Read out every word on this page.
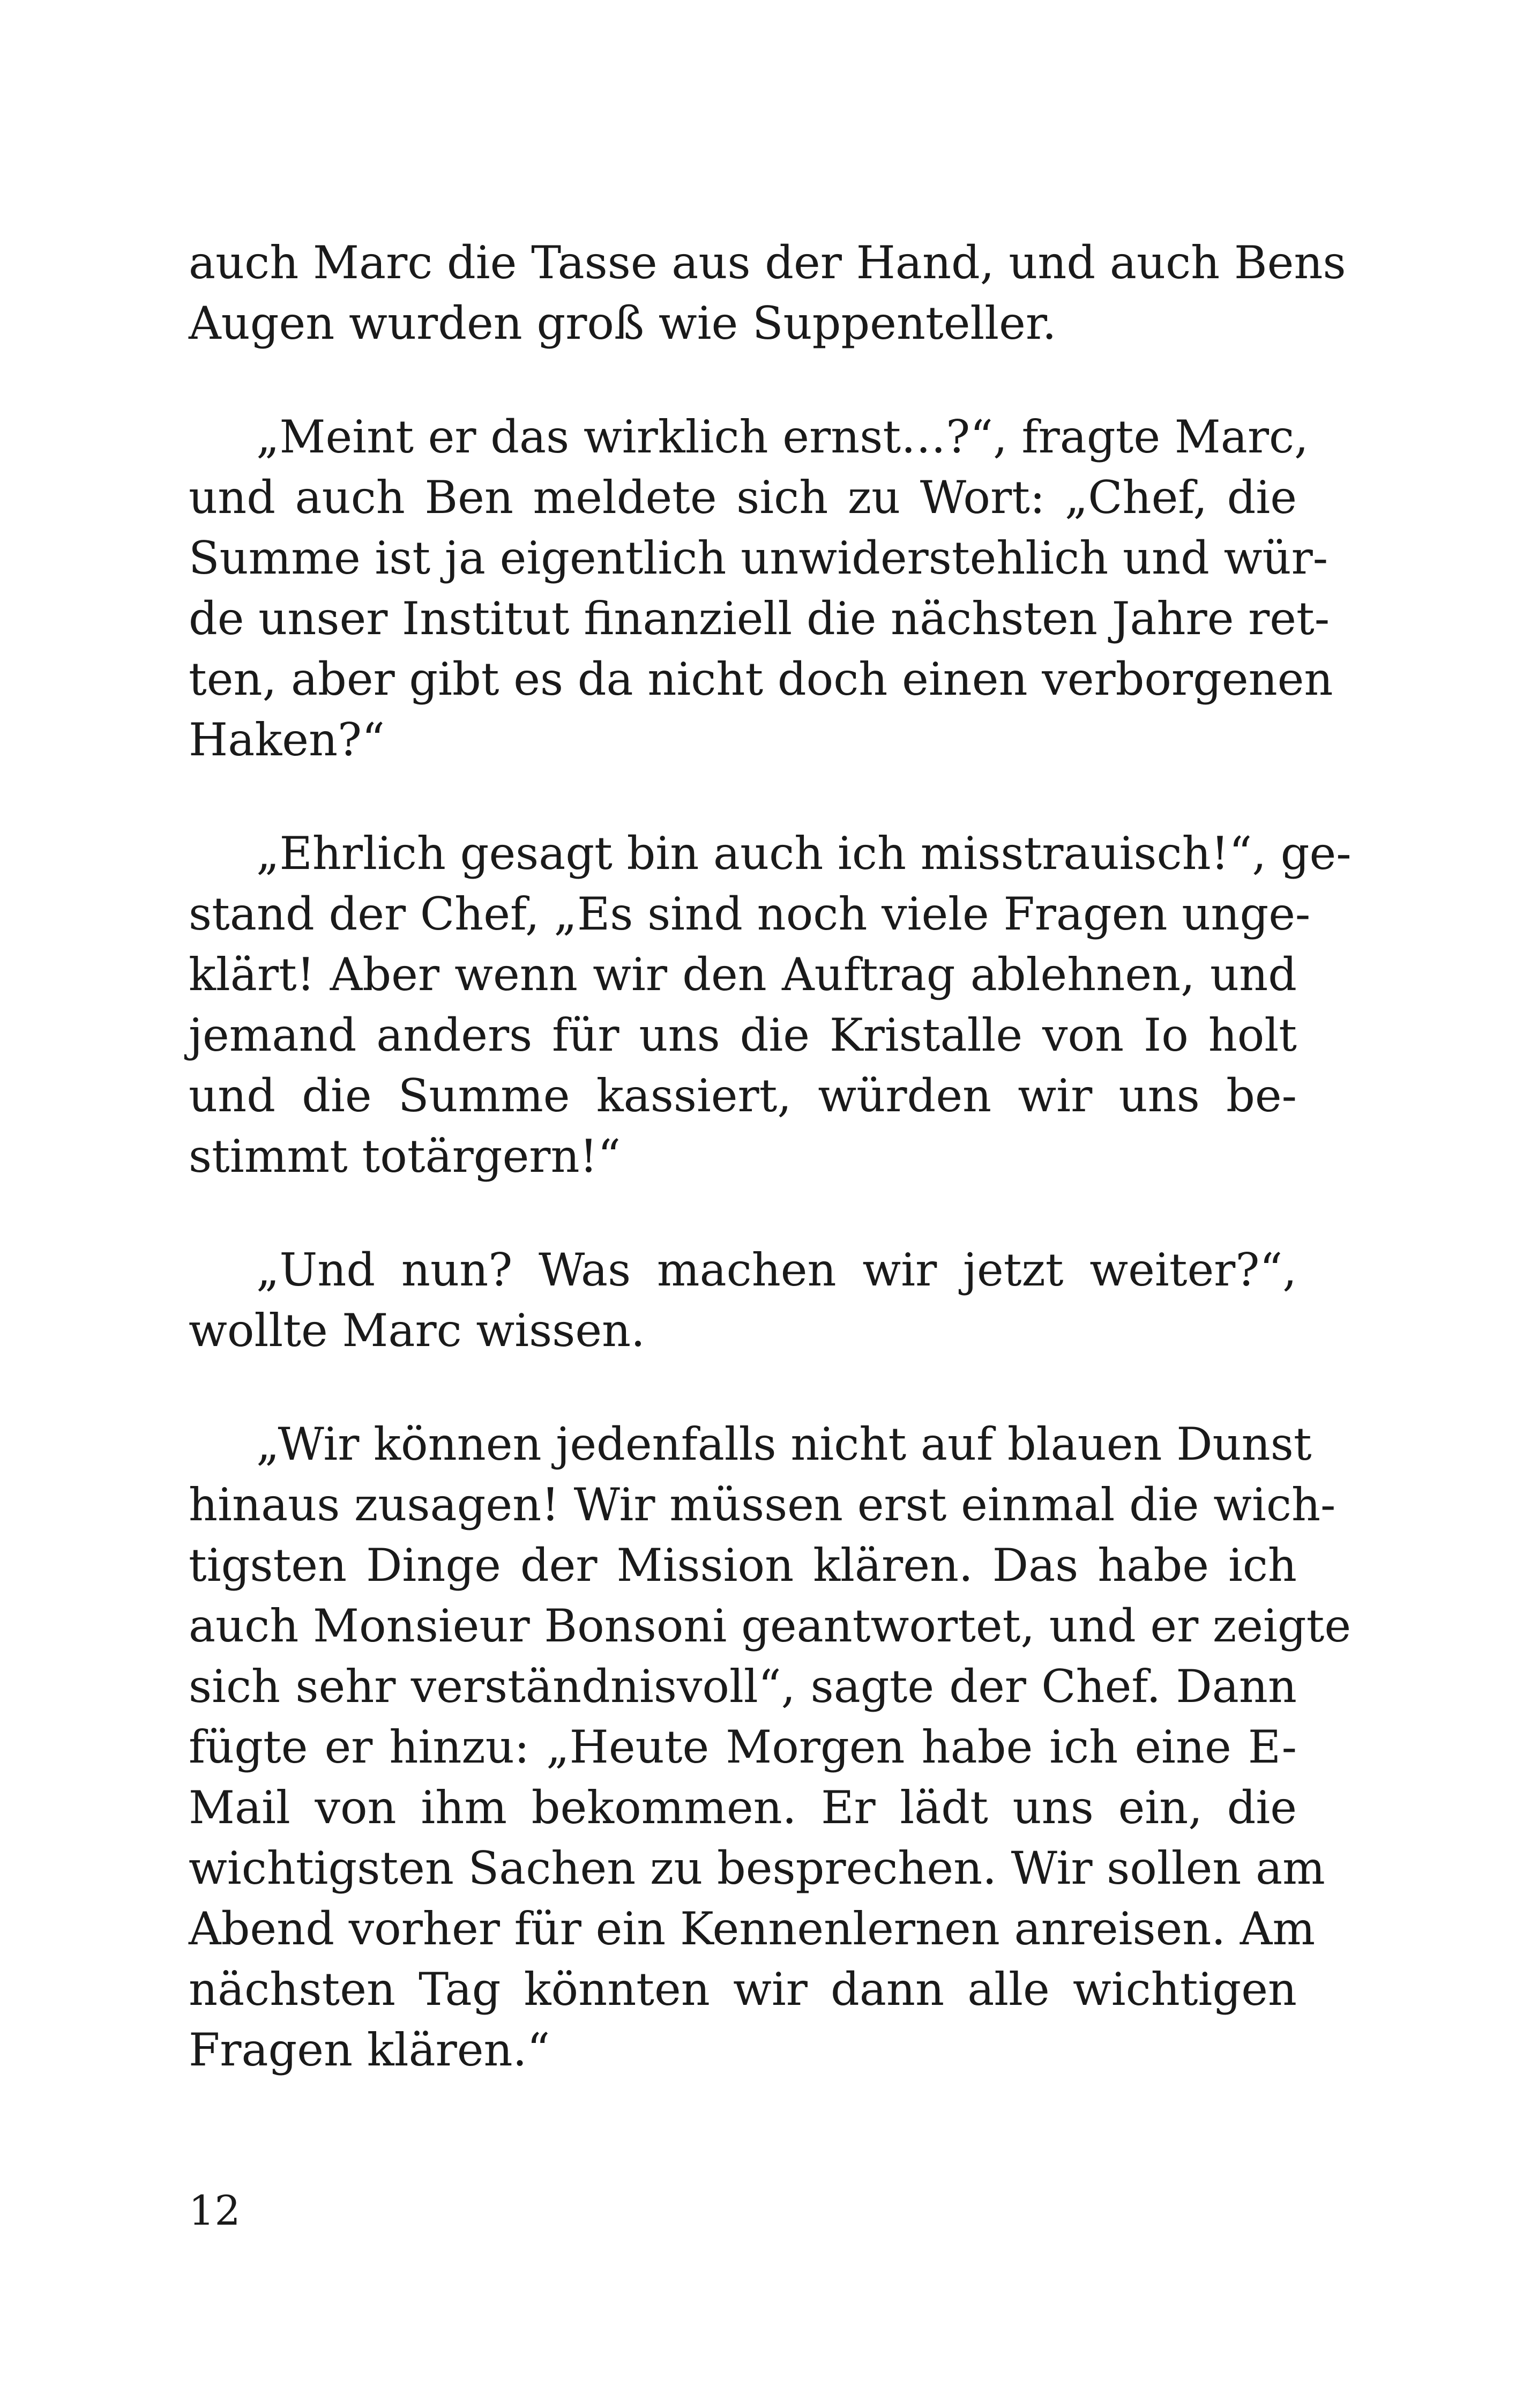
auch Marc die Tasse aus der Hand, und auch Bens
Augen wurden groß wie Suppenteller.

„Meint er das wirklich ernst…?“, fragte Marc,
und auch Ben meldete sich zu Wort: „Chef, die
Summe ist ja eigentlich unwiderstehlich und wür-
de unser Institut finanziell die nächsten Jahre ret-
ten, aber gibt es da nicht doch einen verborgenen
Haken?“

„Ehrlich gesagt bin auch ich misstrauisch!“, ge-
stand der Chef, „Es sind noch viele Fragen unge-
klärt! Aber wenn wir den Auftrag ablehnen, und
jemand anders für uns die Kristalle von Io holt
und die Summe kassiert, würden wir uns be-
stimmt totärgern!“

„Und nun? Was machen wir jetzt weiter?“,
wollte Marc wissen.

„Wir können jedenfalls nicht auf blauen Dunst
hinaus zusagen! Wir müssen erst einmal die wich-
tigsten Dinge der Mission klären. Das habe ich
auch Monsieur Bonsoni geantwortet, und er zeigte
sich sehr verständnisvoll“, sagte der Chef. Dann
fügte er hinzu: „Heute Morgen habe ich eine E-
Mail von ihm bekommen. Er lädt uns ein, die
wichtigsten Sachen zu besprechen. Wir sollen am
Abend vorher für ein Kennenlernen anreisen. Am
nächsten Tag könnten wir dann alle wichtigen
Fragen klären.“

12
